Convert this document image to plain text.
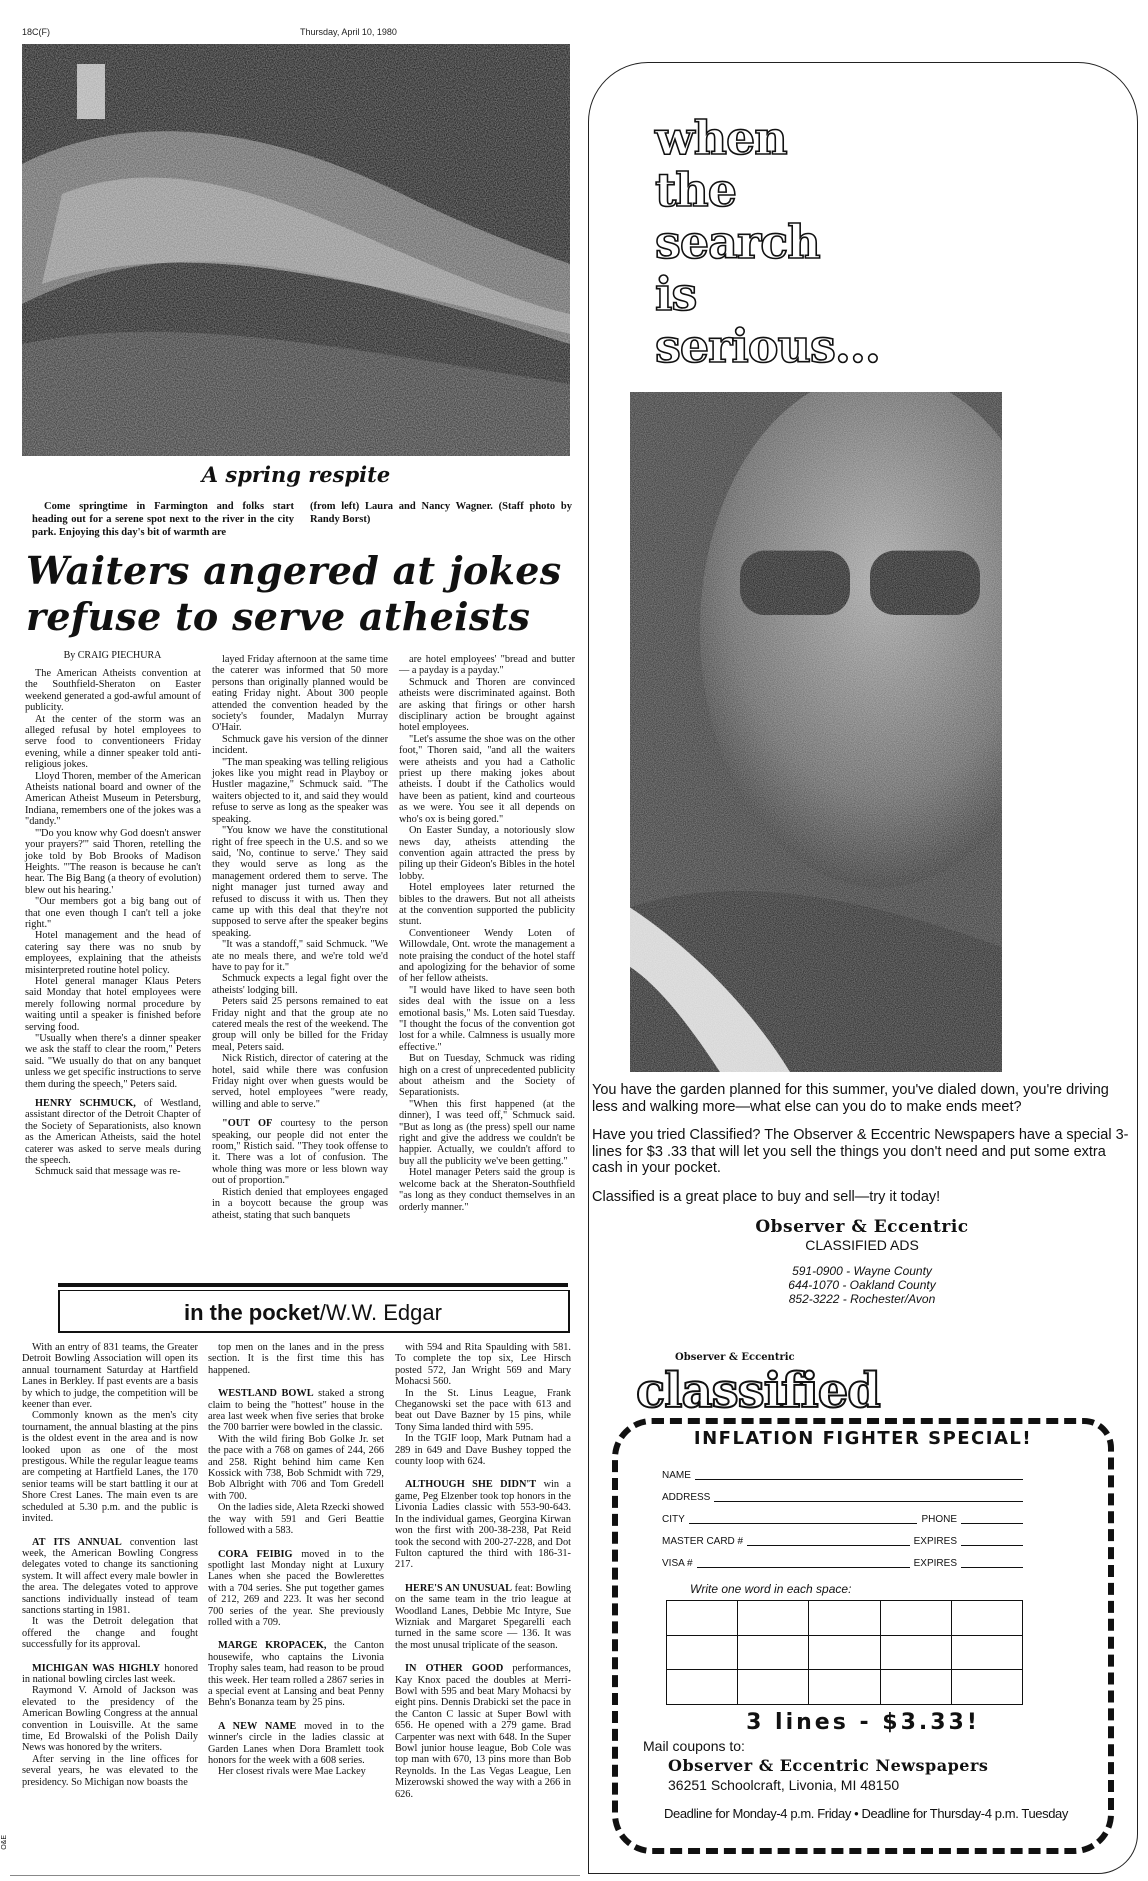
18C(F)	Thursday, April 10, 1980
A spring respite

Come springtime in Farmington and folks start heading out for a serene spot next to the river in the city park. Enjoying this day's bit of warmth are

(from left) Laura and Nancy Wagner. (Staff photo by Randy Borst)

Waiters angered at jokes
refuse to serve atheists
By CRAIG PIECHURA

The American Atheists convention at the Southfield-Sheraton on Easter weekend generated a god-awful amount of publicity.

At the center of the storm was an alleged refusal by hotel employees to serve food to conventioneers Friday evening, while a dinner speaker told anti-religious jokes.

Lloyd Thoren, member of the American Atheists national board and owner of the American Atheist Museum in Petersburg, Indiana, remembers one of the jokes was a "dandy."

"'Do you know why God doesn't answer your prayers?'" said Thoren, retelling the joke told by Bob Brooks of Madison Heights. "'The reason is because he can't hear. The Big Bang (a theory of evolution) blew out his hearing.'

"Our members got a big bang out of that one even though I can't tell a joke right."

Hotel management and the head of catering say there was no snub by employees, explaining that the atheists misinterpreted routine hotel policy.

Hotel general manager Klaus Peters said Monday that hotel employees were merely following normal procedure by waiting until a speaker is finished before serving food.

"Usually when there's a dinner speaker we ask the staff to clear the room," Peters said. "We usually do that on any banquet unless we get specific instructions to serve them during the speech," Peters said.

HENRY SCHMUCK, of Westland, assistant director of the Detroit Chapter of the Society of Separationists, also known as the American Atheists, said the hotel caterer was asked to serve meals during the speech.

Schmuck said that message was re-

layed Friday afternoon at the same time the caterer was informed that 50 more persons than originally planned would be eating Friday night. About 300 people attended the convention headed by the society's founder, Madalyn Murray O'Hair.

Schmuck gave his version of the dinner incident.

"The man speaking was telling religious jokes like you might read in Playboy or Hustler magazine," Schmuck said. "The waiters objected to it, and said they would refuse to serve as long as the speaker was speaking.

"You know we have the constitutional right of free speech in the U.S. and so we said, 'No, continue to serve.' They said they would serve as long as the management ordered them to serve. The night manager just turned away and refused to discuss it with us. Then they came up with this deal that they're not supposed to serve after the speaker begins speaking.

"It was a standoff," said Schmuck. "We ate no meals there, and we're told we'd have to pay for it."

Schmuck expects a legal fight over the atheists' lodging bill.

Peters said 25 persons remained to eat Friday night and that the group ate no catered meals the rest of the weekend. The group will only be billed for the Friday meal, Peters said.

Nick Ristich, director of catering at the hotel, said while there was confusion Friday night over when guests would be served, hotel employees "were ready, willing and able to serve."

"OUT OF courtesy to the person speaking, our people did not enter the room," Ristich said. "They took offense to it. There was a lot of confusion. The whole thing was more or less blown way out of proportion."

Ristich denied that employees engaged in a boycott because the group was atheist, stating that such banquets

are hotel employees' "bread and butter — a payday is a payday."

Schmuck and Thoren are convinced atheists were discriminated against. Both are asking that firings or other harsh disciplinary action be brought against hotel employees.

"Let's assume the shoe was on the other foot," Thoren said, "and all the waiters were atheists and you had a Catholic priest up there making jokes about atheists. I doubt if the Catholics would have been as patient, kind and courteous as we were. You see it all depends on who's ox is being gored."

On Easter Sunday, a notoriously slow news day, atheists attending the convention again attracted the press by piling up their Gideon's Bibles in the hotel lobby.

Hotel employees later returned the bibles to the drawers. But not all atheists at the convention supported the publicity stunt.

Conventioneer Wendy Loten of Willowdale, Ont. wrote the management a note praising the conduct of the hotel staff and apologizing for the behavior of some of her fellow atheists.

"I would have liked to have seen both sides deal with the issue on a less emotional basis," Ms. Loten said Tuesday. "I thought the focus of the convention got lost for a while. Calmness is usually more effective."

But on Tuesday, Schmuck was riding high on a crest of unprecedented publicity about atheism and the Society of Separationists.

"When this first happened (at the dinner), I was teed off," Schmuck said. "But as long as (the press) spell our name right and give the address we couldn't be happier. Actually, we couldn't afford to buy all the publicity we've been getting."

Hotel manager Peters said the group is welcome back at the Sheraton-Southfield "as long as they conduct themselves in an orderly manner."

in the pocket/W.W. Edgar

With an entry of 831 teams, the Greater Detroit Bowling Association will open its annual tournament Saturday at Hartfield Lanes in Berkley. If past events are a basis by which to judge, the competition will be keener than ever.

Commonly known as the men's city tournament, the annual blasting at the pins is the oldest event in the area and is now looked upon as one of the most prestigous. While the regular league teams are competing at Hartfield Lanes, the 170 senior teams will be start battling it our at Shore Crest Lanes. The main even ts are scheduled at 5.30 p.m. and the public is invited.

AT ITS ANNUAL convention last week, the American Bowling Congress delegates voted to change its sanctioning system. It will affect every male bowler in the area. The delegates voted to approve sanctions individually instead of team sanctions starting in 1981.

It was the Detroit delegation that offered the change and fought successfully for its approval.

MICHIGAN WAS HIGHLY honored in national bowling circles last week.

Raymond V. Arnold of Jackson was elevated to the presidency of the American Bowling Congress at the annual convention in Louisville. At the same time, Ed Browalski of the Polish Daily News was honored by the writers.

After serving in the line offices for several years, he was elevated to the presidency. So Michigan now boasts the

top men on the lanes and in the press section. It is the first time this has happened.

WESTLAND BOWL staked a strong claim to being the "hottest" house in the area last week when five series that broke the 700 barrier were bowled in the classic.

With the wild firing Bob Golke Jr. set the pace with a 768 on games of 244, 266 and 258. Right behind him came Ken Kossick with 738, Bob Schmidt with 729, Bob Albright with 706 and Tom Gredell with 700.

On the ladies side, Aleta Rzecki showed the way with 591 and Geri Beattie followed with a 583.

CORA FEIBIG moved in to the spotlight last Monday night at Luxury Lanes when she paced the Bowlerettes with a 704 series. She put together games of 212, 269 and 223. It was her second 700 series of the year. She previously rolled with a 709.

MARGE KROPACEK, the Canton housewife, who captains the Livonia Trophy sales team, had reason to be proud this week. Her team rolled a 2867 series in a special event at Lansing and beat Penny Behn's Bonanza team by 25 pins.

A NEW NAME moved in to the winner's circle in the ladies classic at Garden Lanes when Dora Bramlett took honors for the week with a 608 series.

Her closest rivals were Mae Lackey

with 594 and Rita Spaulding with 581. To complete the top six, Lee Hirsch posted 572, Jan Wright 569 and Mary Mohacsi 560.

In the St. Linus League, Frank Cheganowski set the pace with 613 and beat out Dave Bazner by 15 pins, while Tony Sima landed third with 595.

In the TGIF loop, Mark Putnam had a 289 in 649 and Dave Bushey topped the county loop with 624.

ALTHOUGH SHE DIDN'T win a game, Peg Elzenber took top honors in the Livonia Ladies classic with 553-90-643. In the individual games, Georgina Kirwan won the first with 200-38-238, Pat Reid took the second with 200-27-228, and Dot Fulton captured the third with 186-31-217.

HERE'S AN UNUSUAL feat: Bowling on the same team in the trio league at Woodland Lanes, Debbie Mc Intyre, Sue Wizniak and Margaret Spegarelli each turned in the same score — 136. It was the most unusal triplicate of the season.

IN OTHER GOOD performances, Kay Knox paced the doubles at Merri-Bowl with 595 and beat Mary Mohacsi by eight pins. Dennis Drabicki set the pace in the Canton C lassic at Super Bowl with 656. He opened with a 279 game. Brad Carpenter was next with 648. In the Super Bowl junior house league, Bob Cole was top man with 670, 13 pins more than Bob Reynolds. In the Las Vegas League, Len Mizerowski showed the way with a 266 in 626.

O&E
when
the
search
is
serious...

You have the garden planned for this summer, you've dialed down, you're driving less and walking more—what else can you do to make ends meet?

Have you tried Classified? The Observer & Eccentric Newspapers have a special 3-lines for $3 .33 that will let you sell the things you don't need and put some extra cash in your pocket.

Classified is a great place to buy and sell—try it today!

Observer & Eccentric
CLASSIFIED ADS
591-0900 - Wayne County
644-1070 - Oakland County
852-3222 - Rochester/Avon
Observer & Eccentric
classified
INFLATION FIGHTER SPECIAL!
NAME
ADDRESS
CITY	PHONE
MASTER CARD #	EXPIRES
VISA #	EXPIRES
Write one word in each space:

3 lines - $3.33!
Mail coupons to:
Observer & Eccentric Newspapers
36251 Schoolcraft, Livonia, MI 48150
Deadline for Monday-4 p.m. Friday • Deadline for Thursday-4 p.m. Tuesday
